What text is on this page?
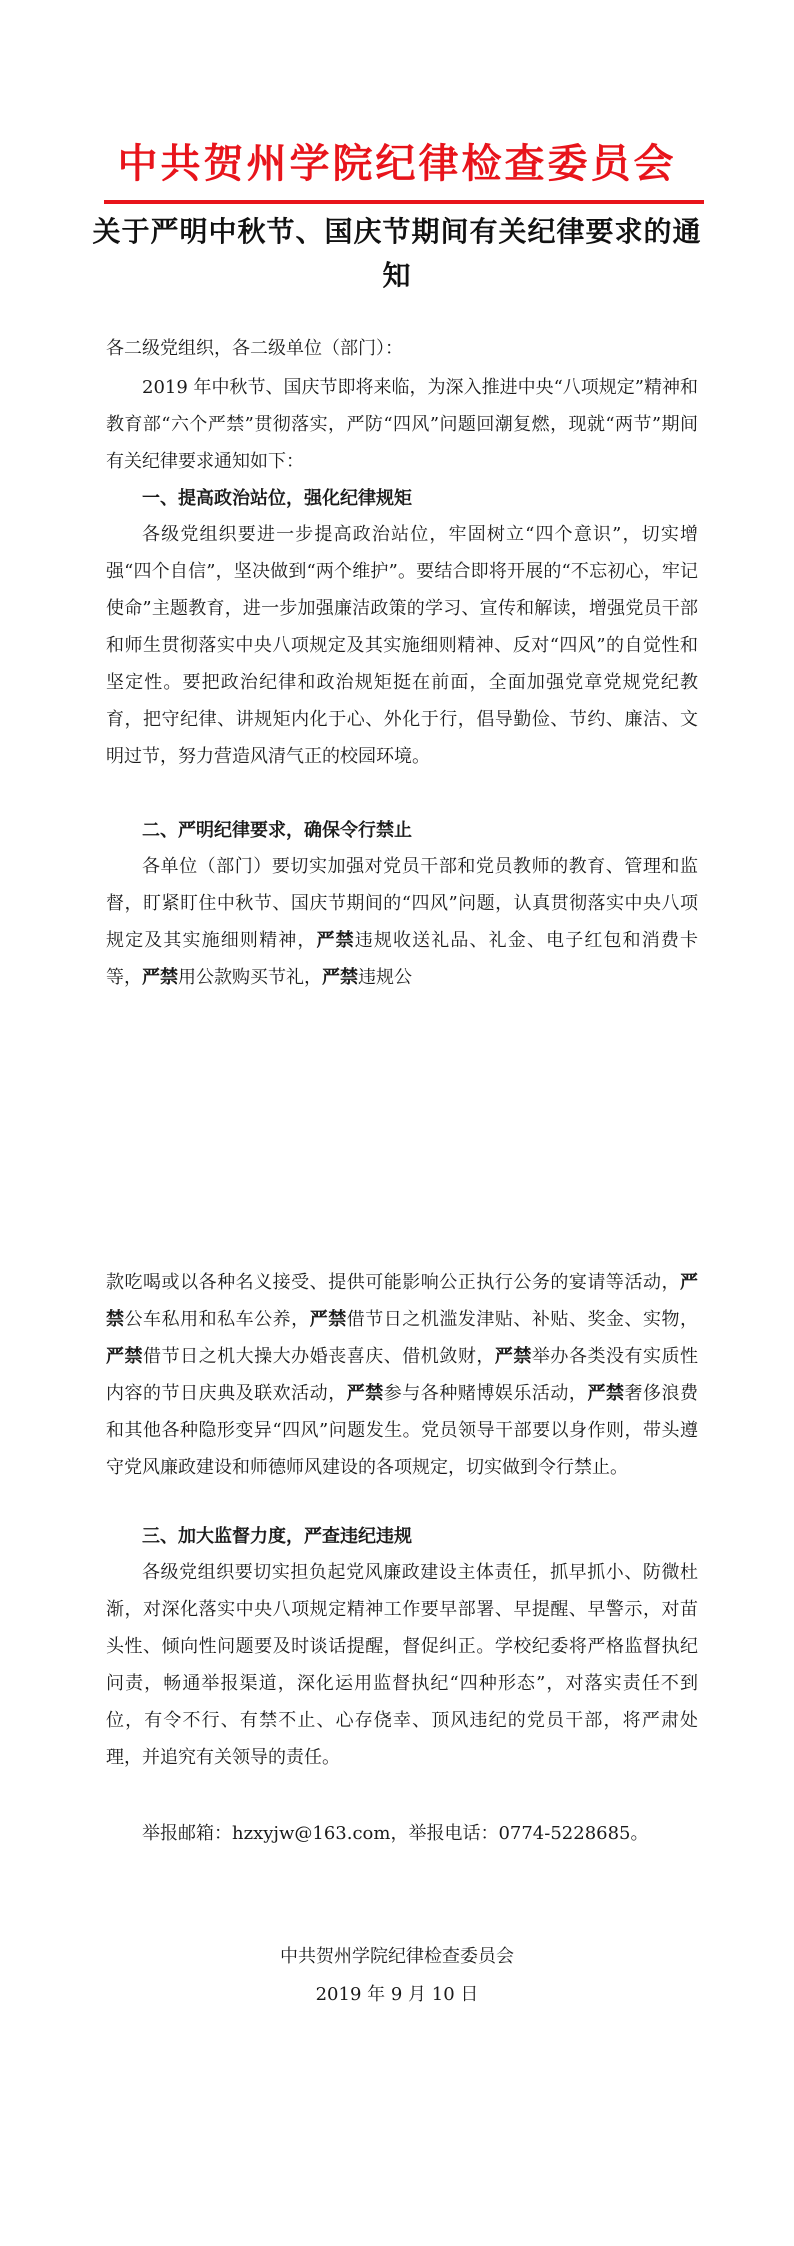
中共贺州学院纪律检查委员会
关于严明中秋节、国庆节期间有关纪律要求的通知

各二级党组织，各二级单位（部门）：

2019 年中秋节、国庆节即将来临，为深入推进中央“八项规定”精神和教育部“六个严禁”贯彻落实，严防“四风”问题回潮复燃，现就“两节”期间有关纪律要求通知如下：

一、提高政治站位，强化纪律规矩

各级党组织要进一步提高政治站位，牢固树立“四个意识”，切实增强“四个自信”，坚决做到“两个维护”。要结合即将开展的“不忘初心，牢记使命”主题教育，进一步加强廉洁政策的学习、宣传和解读，增强党员干部和师生贯彻落实中央八项规定及其实施细则精神、反对“四风”的自觉性和坚定性。要把政治纪律和政治规矩挺在前面，全面加强党章党规党纪教育，把守纪律、讲规矩内化于心、外化于行，倡导勤俭、节约、廉洁、文明过节，努力营造风清气正的校园环境。

二、严明纪律要求，确保令行禁止

各单位（部门）要切实加强对党员干部和党员教师的教育、管理和监督，盯紧盯住中秋节、国庆节期间的“四风”问题，认真贯彻落实中央八项规定及其实施细则精神，严禁违规收送礼品、礼金、电子红包和消费卡等，严禁用公款购买节礼，严禁违规公

款吃喝或以各种名义接受、提供可能影响公正执行公务的宴请等活动，严禁公车私用和私车公养，严禁借节日之机滥发津贴、补贴、奖金、实物，严禁借节日之机大操大办婚丧喜庆、借机敛财，严禁举办各类没有实质性内容的节日庆典及联欢活动，严禁参与各种赌博娱乐活动，严禁奢侈浪费和其他各种隐形变异“四风”问题发生。党员领导干部要以身作则，带头遵守党风廉政建设和师德师风建设的各项规定，切实做到令行禁止。

三、加大监督力度，严查违纪违规

各级党组织要切实担负起党风廉政建设主体责任，抓早抓小、防微杜渐，对深化落实中央八项规定精神工作要早部署、早提醒、早警示，对苗头性、倾向性问题要及时谈话提醒，督促纠正。学校纪委将严格监督执纪问责，畅通举报渠道，深化运用监督执纪“四种形态”，对落实责任不到位，有令不行、有禁不止、心存侥幸、顶风违纪的党员干部，将严肃处理，并追究有关领导的责任。

举报邮箱：hzxyjw@163.com，举报电话：0774-5228685。

中共贺州学院纪律检查委员会

2019 年 9 月 10 日
